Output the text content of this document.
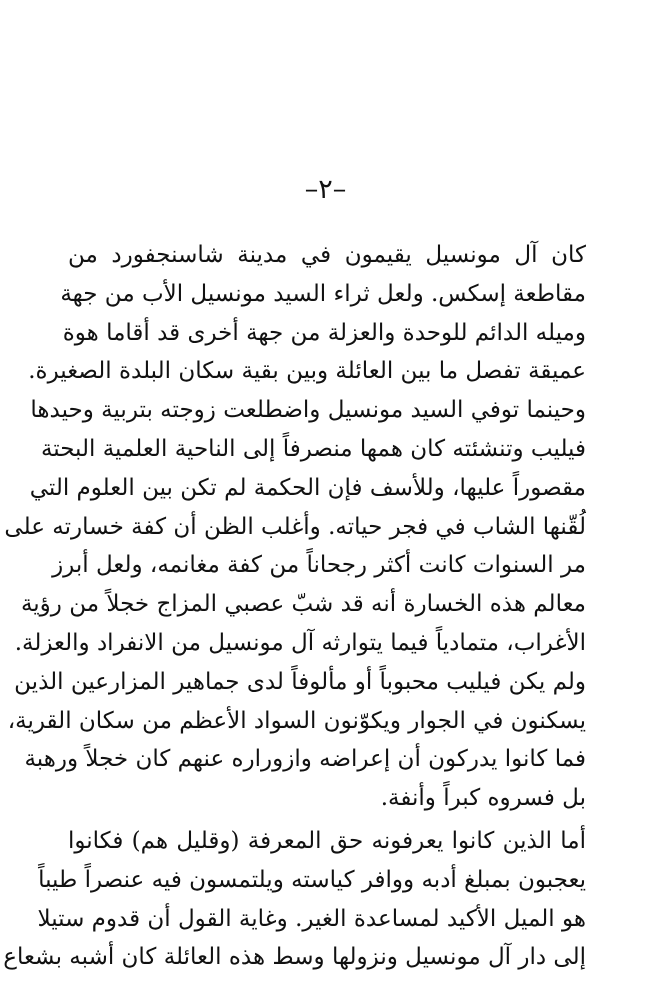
–٢–
كان آل مونسيل يقيمون في مدينة شاسنجفورد من
مقاطعة إسكس. ولعل ثراء السيد مونسيل الأب من جهة
وميله الدائم للوحدة والعزلة من جهة أخرى قد أقاما هوة
عميقة تفصل ما بين العائلة وبين بقية سكان البلدة الصغيرة.
وحينما توفي السيد مونسيل واضطلعت زوجته بتربية وحيدها
فيليب وتنشئته كان همها منصرفاً إلى الناحية العلمية البحتة
مقصوراً عليها، وللأسف فإن الحكمة لم تكن بين العلوم التي
لُقّنها الشاب في فجر حياته. وأغلب الظن أن كفة خسارته على
مر السنوات كانت أكثر رجحاناً من كفة مغانمه، ولعل أبرز
معالم هذه الخسارة أنه قد شبّ عصبي المزاج خجلاً من رؤية
الأغراب، متمادياً فيما يتوارثه آل مونسيل من الانفراد والعزلة.
ولم يكن فيليب محبوباً أو مألوفاً لدى جماهير المزارعين الذين
يسكنون في الجوار ويكوّنون السواد الأعظم من سكان القرية،
فما كانوا يدركون أن إعراضه وازوراره عنهم كان خجلاً ورهبة
بل فسروه كبراً وأنفة.
أما الذين كانوا يعرفونه حق المعرفة (وقليل هم) فكانوا
يعجبون بمبلغ أدبه ووافر كياسته ويلتمسون فيه عنصراً طيباً
هو الميل الأكيد لمساعدة الغير. وغاية القول أن قدوم ستيلا
إلى دار آل مونسيل ونزولها وسط هذه العائلة كان أشبه بشعاع
